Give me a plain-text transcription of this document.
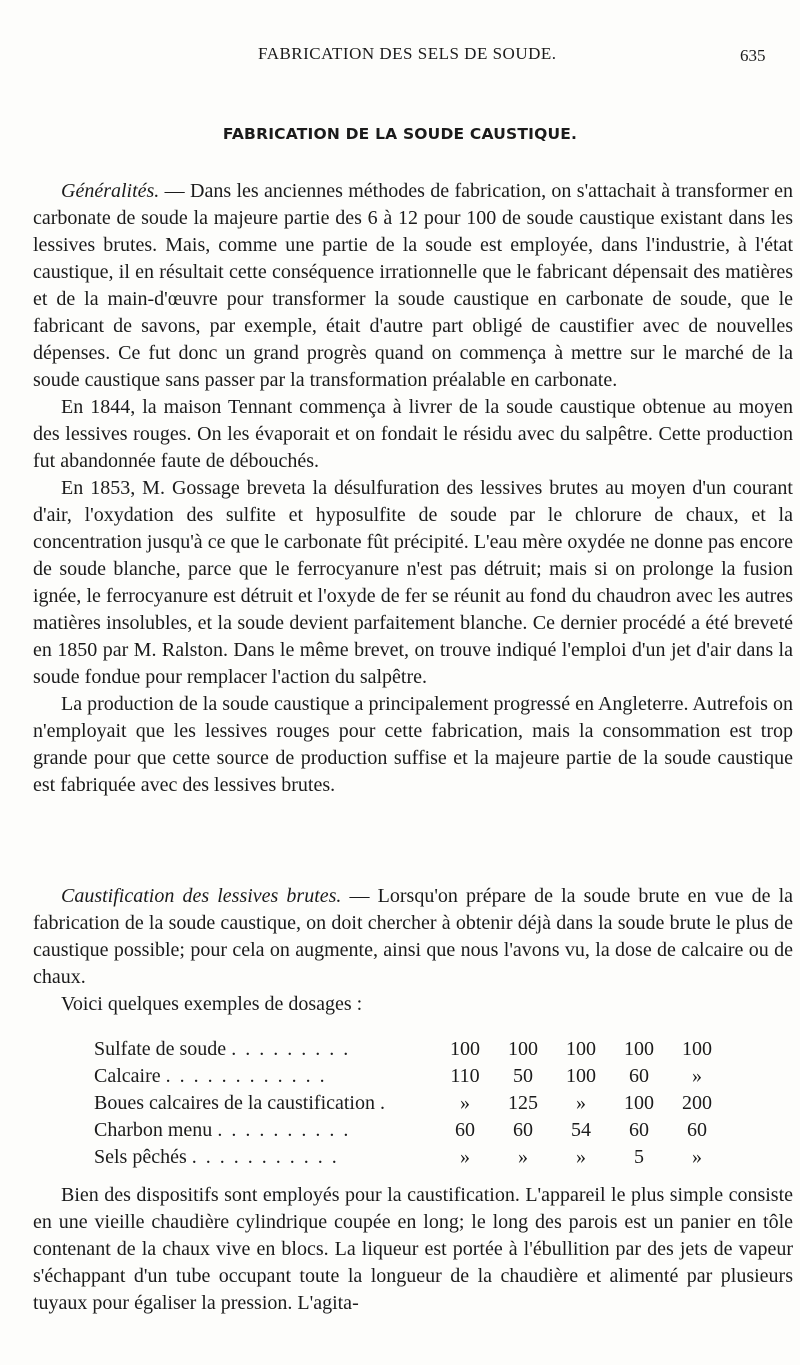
FABRICATION DES SELS DE SOUDE.	635
FABRICATION DE LA SOUDE CAUSTIQUE.

Généralités. — Dans les anciennes méthodes de fabrication, on s'attachait à transformer en carbonate de soude la majeure partie des 6 à 12 pour 100 de soude caustique existant dans les lessives brutes. Mais, comme une partie de la soude est employée, dans l'industrie, à l'état caustique, il en résultait cette conséquence irrationnelle que le fabricant dépensait des matières et de la main-d'œuvre pour transformer la soude caustique en carbonate de soude, que le fabricant de savons, par exemple, était d'autre part obligé de caustifier avec de nouvelles dépenses. Ce fut donc un grand progrès quand on commença à mettre sur le marché de la soude caustique sans passer par la transformation préalable en carbonate.

En 1844, la maison Tennant commença à livrer de la soude caustique obtenue au moyen des lessives rouges. On les évaporait et on fondait le résidu avec du salpêtre. Cette production fut abandonnée faute de débouchés.

En 1853, M. Gossage breveta la désulfuration des lessives brutes au moyen d'un courant d'air, l'oxydation des sulfite et hyposulfite de soude par le chlorure de chaux, et la concentration jusqu'à ce que le carbonate fût précipité. L'eau mère oxydée ne donne pas encore de soude blanche, parce que le ferrocyanure n'est pas détruit; mais si on prolonge la fusion ignée, le ferrocyanure est détruit et l'oxyde de fer se réunit au fond du chaudron avec les autres matières insolubles, et la soude devient parfaitement blanche. Ce dernier procédé a été breveté en 1850 par M. Ralston. Dans le même brevet, on trouve indiqué l'emploi d'un jet d'air dans la soude fondue pour remplacer l'action du salpêtre.

La production de la soude caustique a principalement progressé en Angleterre. Autrefois on n'employait que les lessives rouges pour cette fabrication, mais la consommation est trop grande pour que cette source de production suffise et la majeure partie de la soude caustique est fabriquée avec des lessives brutes.

Caustification des lessives brutes. — Lorsqu'on prépare de la soude brute en vue de la fabrication de la soude caustique, on doit chercher à obtenir déjà dans la soude brute le plus de caustique possible; pour cela on augmente, ainsi que nous l'avons vu, la dose de calcaire ou de chaux.

Voici quelques exemples de dosages :

Sulfate de soude . . . . . . . . .	100	100	100	100	100
Calcaire . . . . . . . . . . . .	110	50	100	60	»
Boues calcaires de la caustification .	»	125	»	100	200
Charbon menu . . . . . . . . . .	60	60	54	60	60
Sels pêchés . . . . . . . . . . .	»	»	»	5	»

Bien des dispositifs sont employés pour la caustification. L'appareil le plus simple consiste en une vieille chaudière cylindrique coupée en long; le long des parois est un panier en tôle contenant de la chaux vive en blocs. La liqueur est portée à l'ébullition par des jets de vapeur s'échappant d'un tube occupant toute la longueur de la chaudière et alimenté par plusieurs tuyaux pour égaliser la pression. L'agita-
